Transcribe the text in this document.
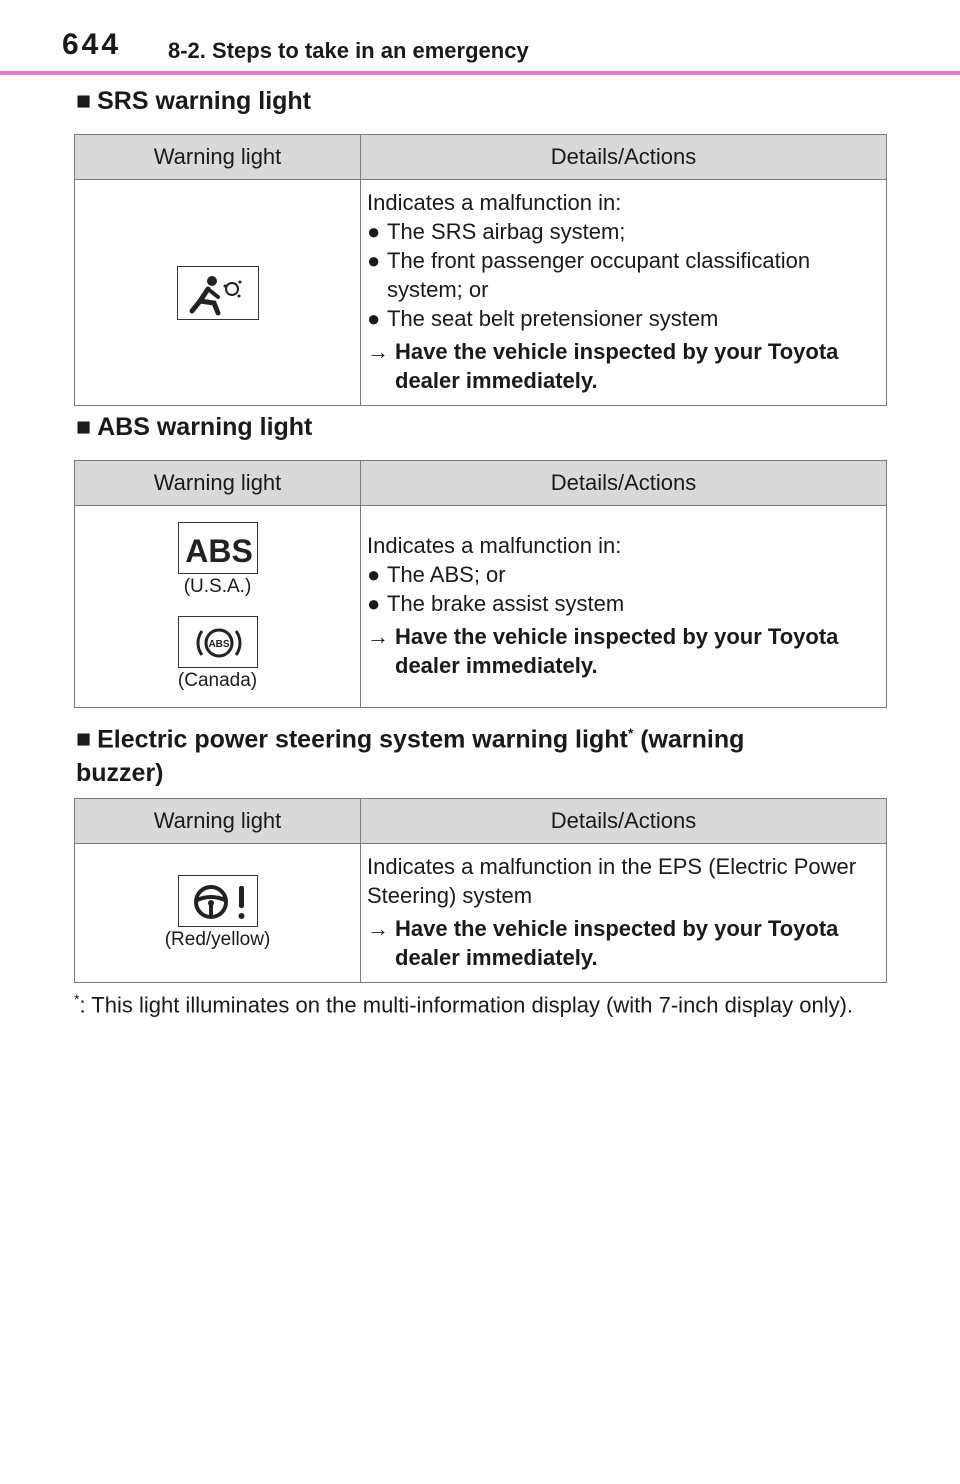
644 8-2. Steps to take in an emergency
■ SRS warning light
Warning light	Details/Actions

Indicates a malfunction in:
● The SRS airbag system;
● The front passenger occupant classification system; or
● The seat belt pretensioner system
→ Have the vehicle inspected by your Toyota dealer immediately.
■ ABS warning light
Warning light	Details/Actions

ABS
(U.S.A.)
ABS
(Canada)	Indicates a malfunction in:
● The ABS; or
● The brake assist system
→ Have the vehicle inspected by your Toyota dealer immediately.
■ Electric power steering system warning light* (warning buzzer)
Warning light	Details/Actions

(Red/yellow)	Indicates a malfunction in the EPS (Electric Power Steering) system
→ Have the vehicle inspected by your Toyota dealer immediately.
*: This light illuminates on the multi-information display (with 7-inch display only).
